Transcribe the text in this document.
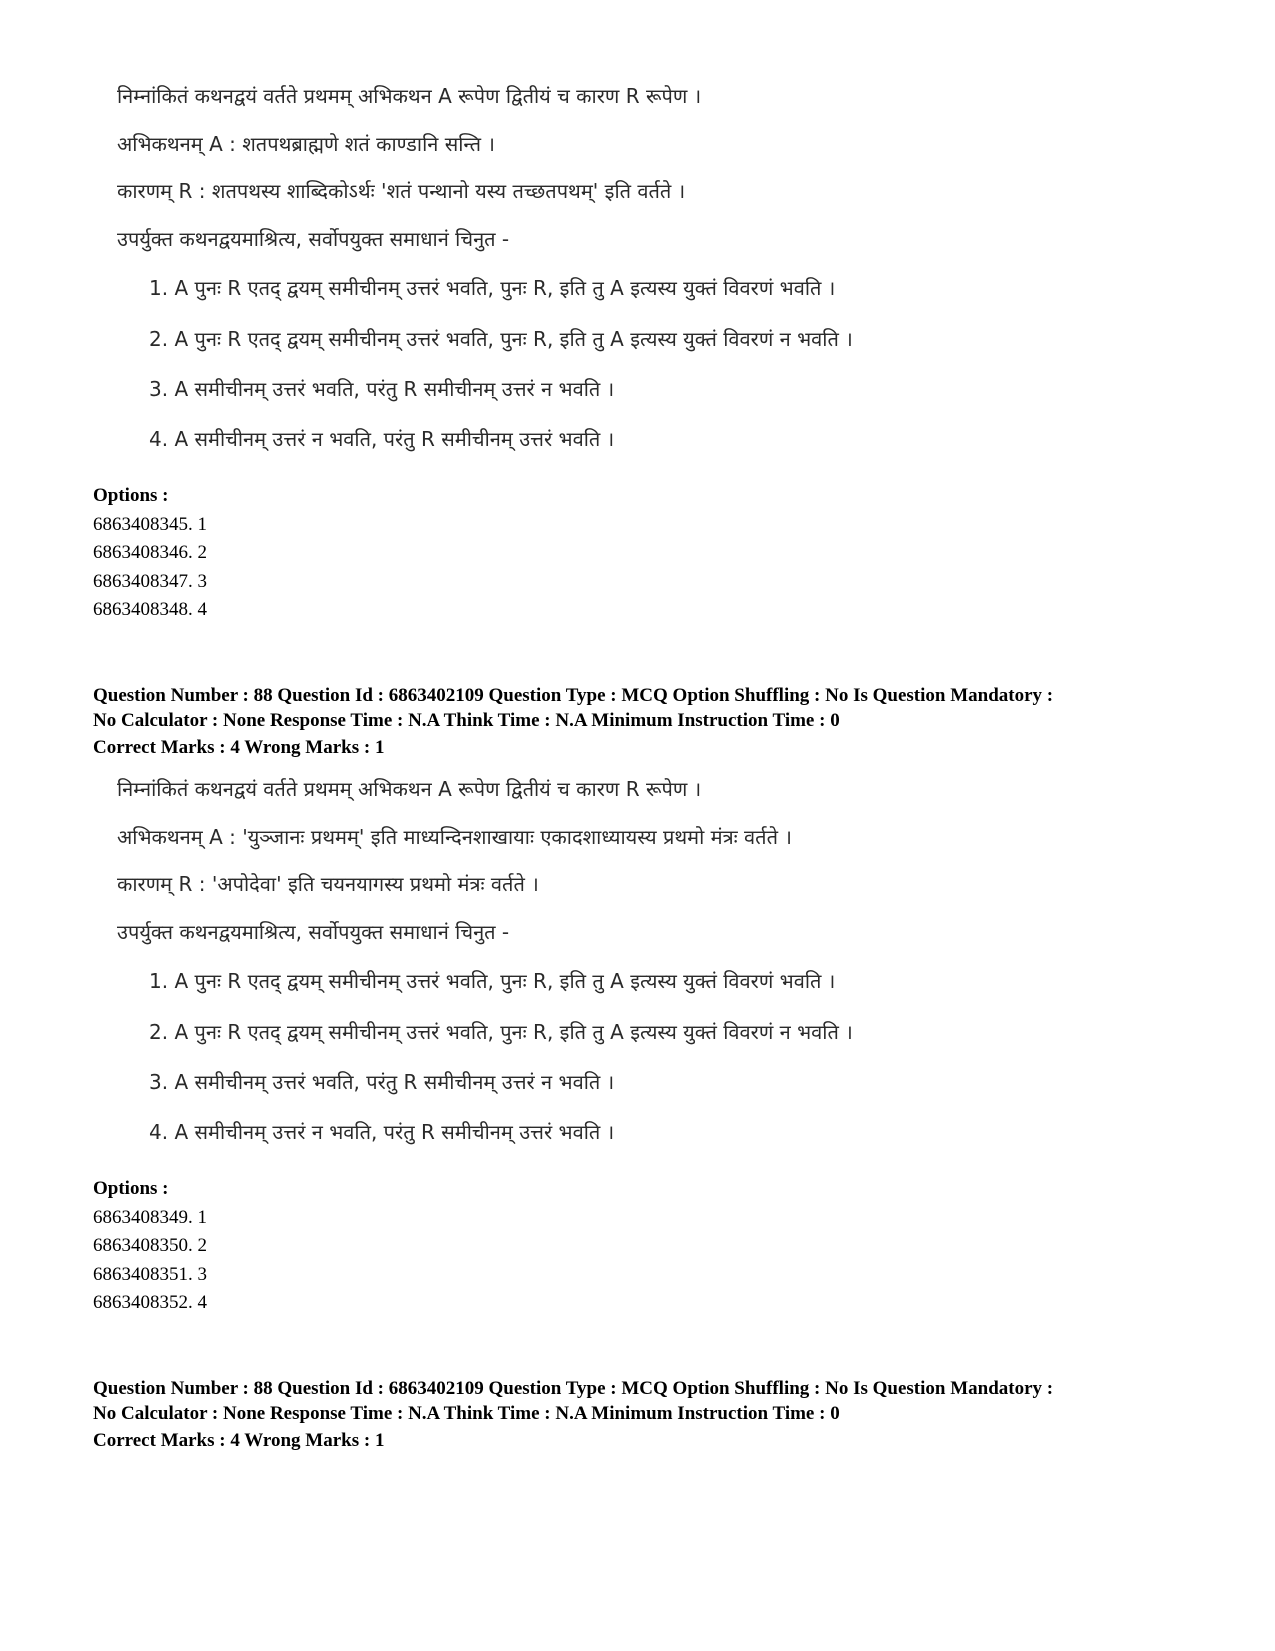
निम्नांकितं कथनद्वयं वर्तते प्रथमम् अभिकथन A रूपेण द्वितीयं च कारण R रूपेण ।
अभिकथनम् A : शतपथब्राह्मणे शतं काण्डानि सन्ति ।
कारणम् R : शतपथस्य शाब्दिकोऽर्थः 'शतं पन्थानो यस्य तच्छतपथम्' इति वर्तते ।
उपर्युक्त कथनद्वयमाश्रित्य, सर्वोपयुक्त समाधानं चिनुत -
1. A पुनः R एतद् द्वयम् समीचीनम् उत्तरं भवति, पुनः R, इति तु A इत्यस्य युक्तं विवरणं भवति ।
2. A पुनः R एतद् द्वयम् समीचीनम् उत्तरं भवति, पुनः R, इति तु A इत्यस्य युक्तं विवरणं न भवति ।
3. A समीचीनम् उत्तरं भवति, परंतु R समीचीनम् उत्तरं न भवति ।
4. A समीचीनम् उत्तरं न भवति, परंतु R समीचीनम् उत्तरं भवति ।
Options :
6863408345. 1
6863408346. 2
6863408347. 3
6863408348. 4
Question Number : 88 Question Id : 6863402109 Question Type : MCQ Option Shuffling : No Is Question Mandatory :
No Calculator : None Response Time : N.A Think Time : N.A Minimum Instruction Time : 0
Correct Marks : 4 Wrong Marks : 1
निम्नांकितं कथनद्वयं वर्तते प्रथमम् अभिकथन A रूपेण द्वितीयं च कारण R रूपेण ।
अभिकथनम् A : 'युञ्जानः प्रथमम्' इति माध्यन्दिनशाखायाः एकादशाध्यायस्य प्रथमो मंत्रः वर्तते ।
कारणम् R : 'अपोदेवा' इति चयनयागस्य प्रथमो मंत्रः वर्तते ।
उपर्युक्त कथनद्वयमाश्रित्य, सर्वोपयुक्त समाधानं चिनुत -
1. A पुनः R एतद् द्वयम् समीचीनम् उत्तरं भवति, पुनः R, इति तु A इत्यस्य युक्तं विवरणं भवति ।
2. A पुनः R एतद् द्वयम् समीचीनम् उत्तरं भवति, पुनः R, इति तु A इत्यस्य युक्तं विवरणं न भवति ।
3. A समीचीनम् उत्तरं भवति, परंतु R समीचीनम् उत्तरं न भवति ।
4. A समीचीनम् उत्तरं न भवति, परंतु R समीचीनम् उत्तरं भवति ।
Options :
6863408349. 1
6863408350. 2
6863408351. 3
6863408352. 4
Question Number : 88 Question Id : 6863402109 Question Type : MCQ Option Shuffling : No Is Question Mandatory :
No Calculator : None Response Time : N.A Think Time : N.A Minimum Instruction Time : 0
Correct Marks : 4 Wrong Marks : 1
